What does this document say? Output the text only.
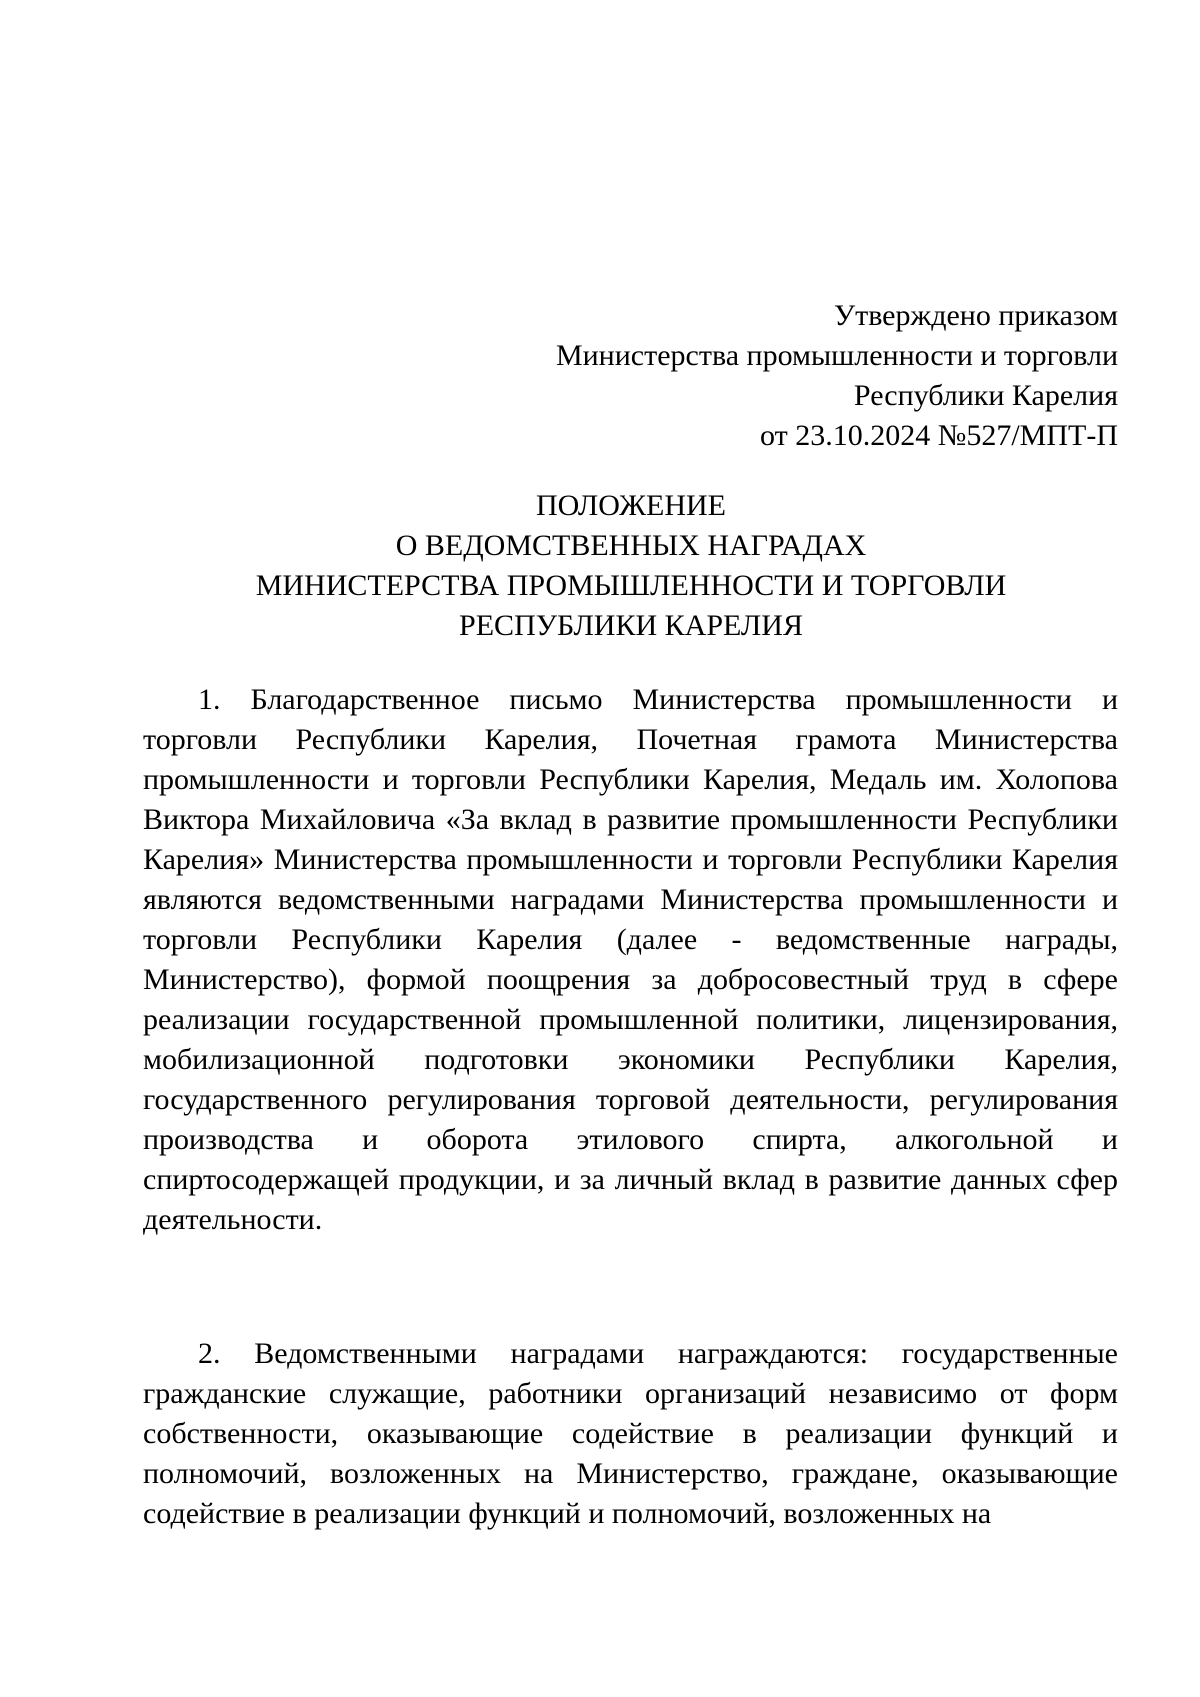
Утверждено приказом
Министерства промышленности и торговли
Республики Карелия
от 23.10.2024 №527/МПТ-П
ПОЛОЖЕНИЕ
О ВЕДОМСТВЕННЫХ НАГРАДАХ
МИНИСТЕРСТВА ПРОМЫШЛЕННОСТИ И ТОРГОВЛИ
РЕСПУБЛИКИ КАРЕЛИЯ

1. Благодарственное письмо Министерства промышленности и торговли Республики Карелия, Почетная грамота Министерства промышленности и торговли Республики Карелия, Медаль им. Холопова Виктора Михайловича «За вклад в развитие промышленности Республики Карелия» Министерства промышленности и торговли Республики Карелия являются ведомственными наградами Министерства промышленности и торговли Республики Карелия (далее - ведомственные награды, Министерство), формой поощрения за добросовестный труд в сфере реализации государственной промышленной политики, лицензирования, мобилизационной подготовки экономики Республики Карелия, государственного регулирования торговой деятельности, регулирования производства и оборота этилового спирта, алкогольной и спиртосодержащей продукции, и за личный вклад в развитие данных сфер деятельности.

2. Ведомственными наградами награждаются: государственные гражданские служащие, работники организаций независимо от форм собственности, оказывающие содействие в реализации функций и полномочий, возложенных на Министерство, граждане, оказывающие содействие в реализации функций и полномочий, возложенных на
